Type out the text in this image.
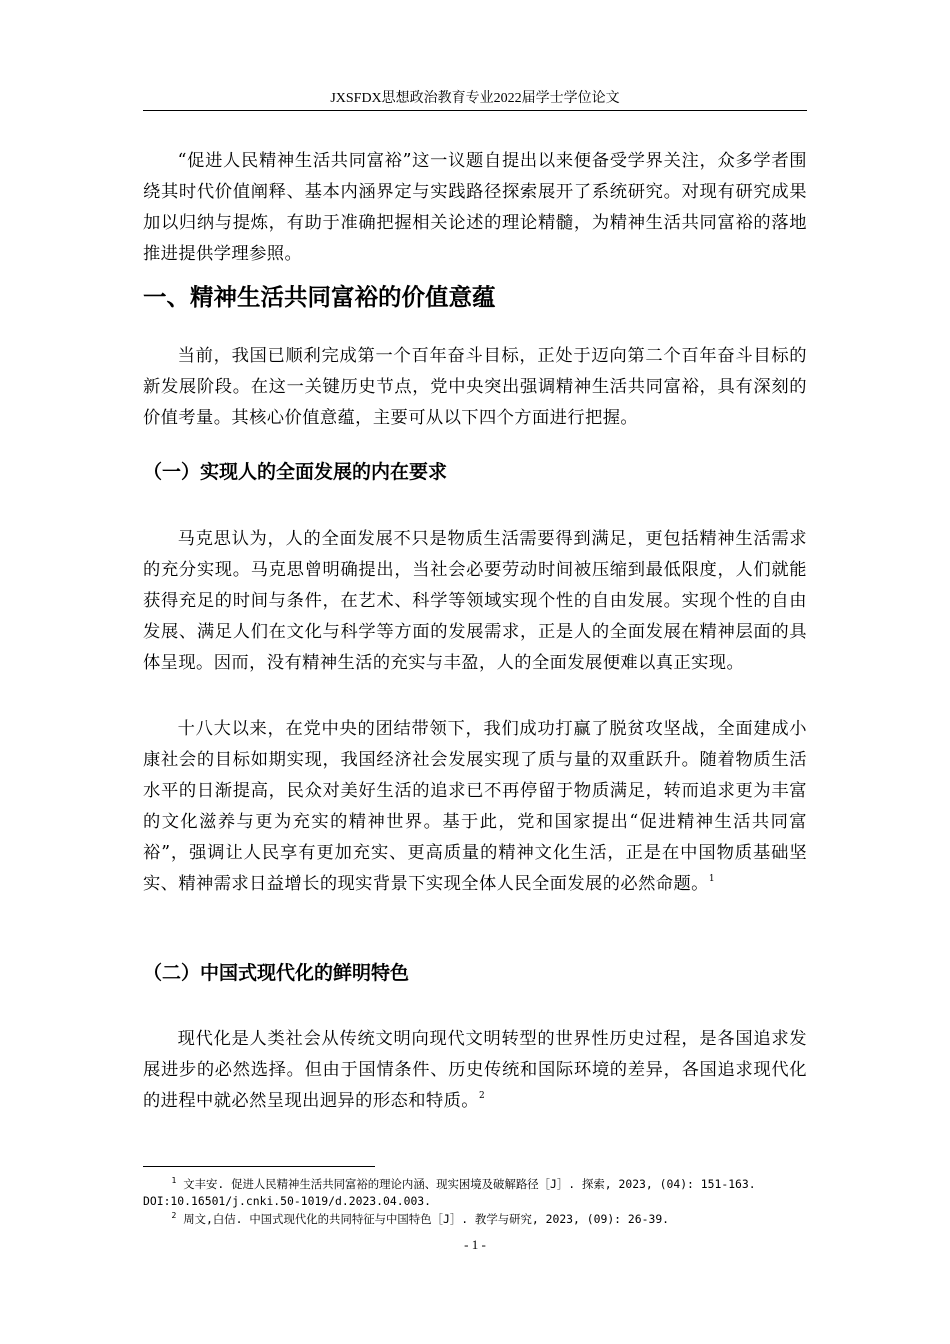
JXSFDX思想政治教育专业2022届学士学位论文

“促进人民精神生活共同富裕”这一议题自提出以来便备受学界关注，众多学者围绕其时代价值阐释、基本内涵界定与实践路径探索展开了系统研究。对现有研究成果加以归纳与提炼，有助于准确把握相关论述的理论精髓，为精神生活共同富裕的落地推进提供学理参照。

一、精神生活共同富裕的价值意蕴

当前，我国已顺利完成第一个百年奋斗目标，正处于迈向第二个百年奋斗目标的新发展阶段。在这一关键历史节点，党中央突出强调精神生活共同富裕，具有深刻的价值考量。其核心价值意蕴，主要可从以下四个方面进行把握。

（一）实现人的全面发展的内在要求

马克思认为，人的全面发展不只是物质生活需要得到满足，更包括精神生活需求的充分实现。马克思曾明确提出，当社会必要劳动时间被压缩到最低限度，人们就能获得充足的时间与条件，在艺术、科学等领域实现个性的自由发展。实现个性的自由发展、满足人们在文化与科学等方面的发展需求，正是人的全面发展在精神层面的具体呈现。因而，没有精神生活的充实与丰盈，人的全面发展便难以真正实现。

十八大以来，在党中央的团结带领下，我们成功打赢了脱贫攻坚战，全面建成小康社会的目标如期实现，我国经济社会发展实现了质与量的双重跃升。随着物质生活水平的日渐提高，民众对美好生活的追求已不再停留于物质满足，转而追求更为丰富的文化滋养与更为充实的精神世界。基于此，党和国家提出“促进精神生活共同富裕”，强调让人民享有更加充实、更高质量的精神文化生活，正是在中国物质基础坚实、精神需求日益增长的现实背景下实现全体人民全面发展的必然命题。$^1$

（二）中国式现代化的鲜明特色

现代化是人类社会从传统文明向现代文明转型的世界性历史过程，是各国追求发展进步的必然选择。但由于国情条件、历史传统和国际环境的差异，各国追求现代化的进程中就必然呈现出迥异的形态和特质。$^2$

$^1$ 文丰安. 促进人民精神生活共同富裕的理论内涵、现实困境及破解路径［J］. 探索, 2023, (04): 151-163. DOI:10.16501/j.cnki.50-1019/d.2023.04.003.

$^2$ 周文,白佶. 中国式现代化的共同特征与中国特色［J］. 教学与研究, 2023, (09): 26-39.

- 1 -
